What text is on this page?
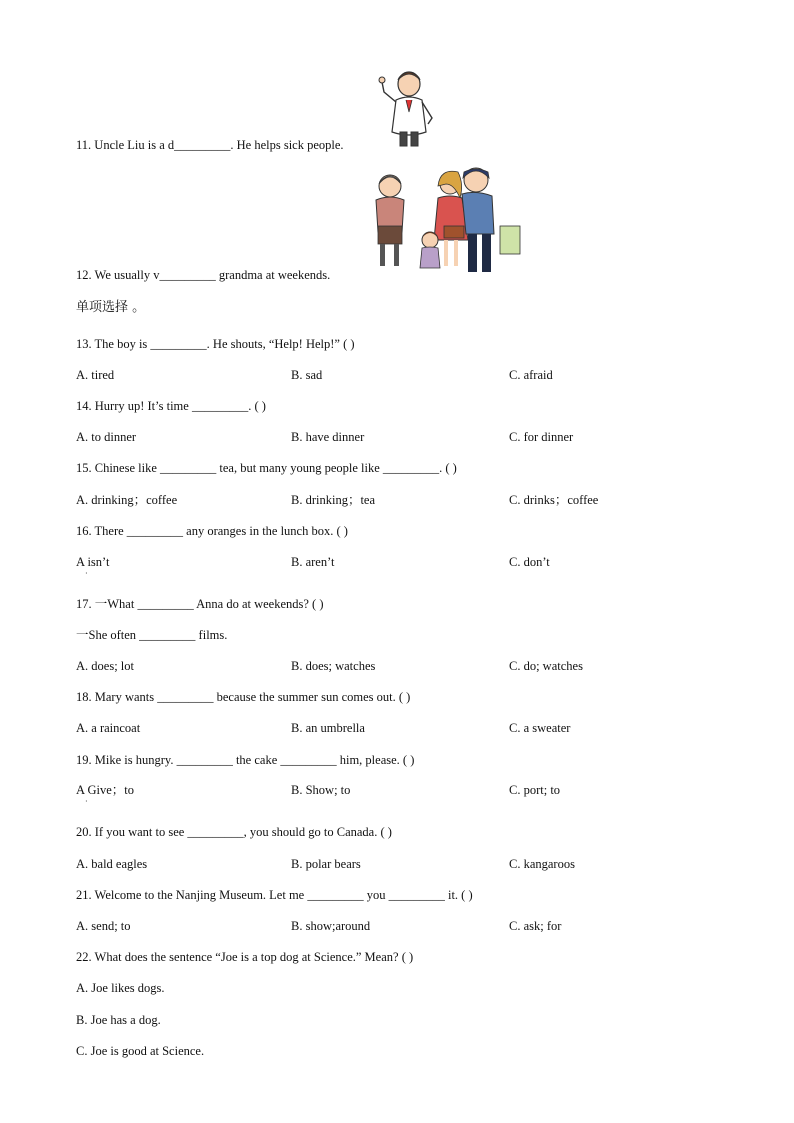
11. Uncle Liu is a d_________. He helps sick people.
12. We usually v_________ grandma at weekends.
单项选择 。
13. The boy is _________. He shouts, “Help! Help!” ( )
A. tired	B. sad	C. afraid
14. Hurry up! It’s time _________. ( )
A. to dinner	B. have dinner	C. for dinner
15. Chinese like _________ tea, but many young people like _________. ( )
A. drinking；coffee	B. drinking；tea	C. drinks；coffee
16. There _________ any oranges in the lunch box. ( )
A isn’t
·
B. aren’t	C. don’t
17. 一What _________ Anna do at weekends? ( )
一She often _________ films.
A. does; lot	B. does; watches	C. do; watches
18. Mary wants _________ because the summer sun comes out. ( )
A. a raincoat	B. an umbrella	C. a sweater
19. Mike is hungry. _________ the cake _________ him, please. ( )
A Give；to
·
B. Show; to	C. port; to
20. If you want to see _________, you should go to Canada. ( )
A. bald eagles	B. polar bears	C. kangaroos
21. Welcome to the Nanjing Museum. Let me _________ you _________ it. ( )
A. send; to	B. show;around	C. ask; for
22. What does the sentence “Joe is a top dog at Science.” Mean? ( )
A. Joe likes dogs.
B. Joe has a dog.
C. Joe is good at Science.
